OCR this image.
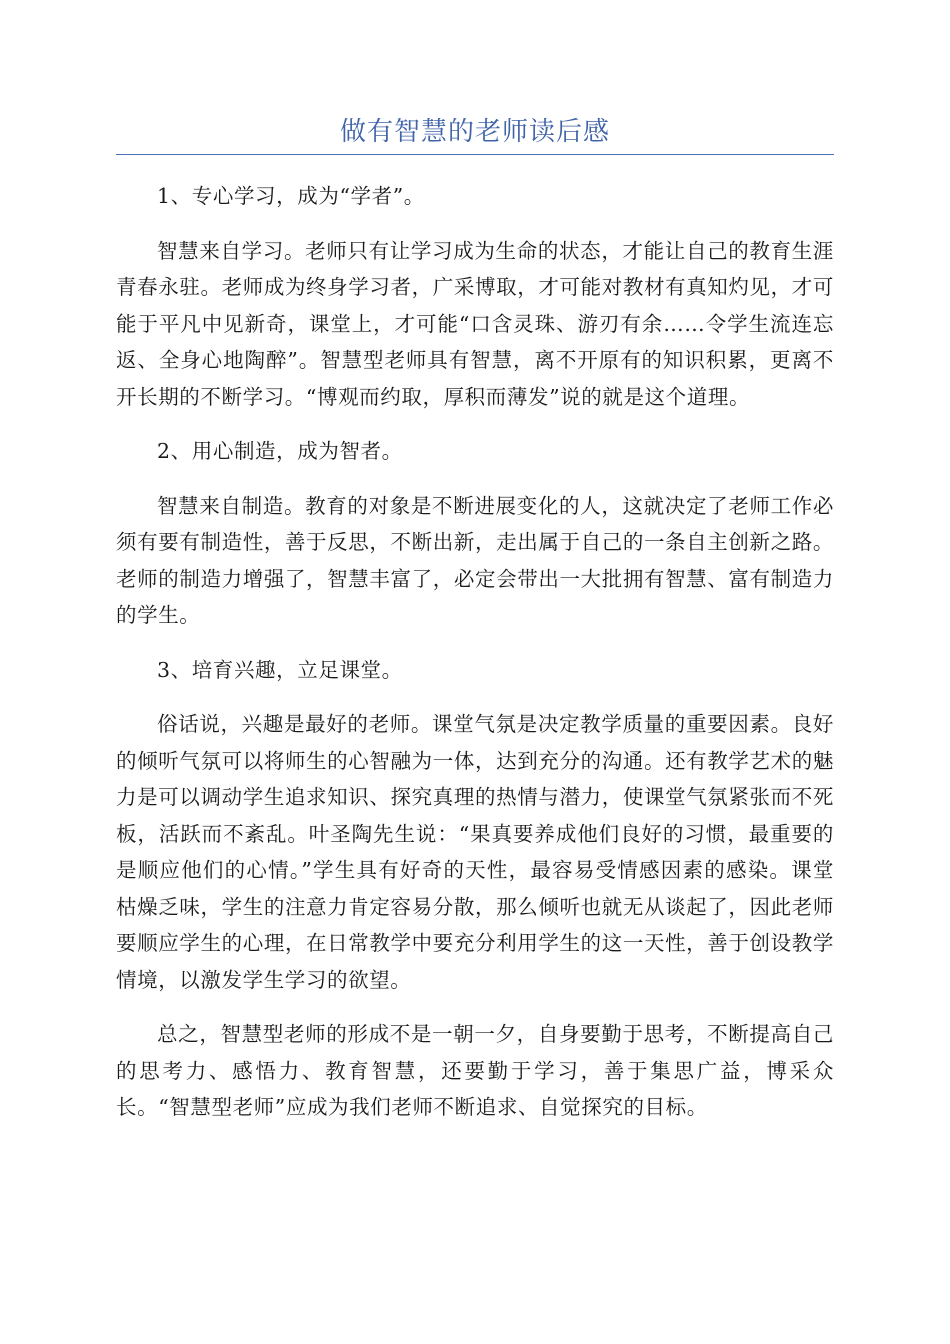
做有智慧的老师读后感

1、专心学习，成为“学者”。

智慧来自学习。老师只有让学习成为生命的状态，才能让自己的教育生涯青春永驻。老师成为终身学习者，广采博取，才可能对教材有真知灼见，才可能于平凡中见新奇，课堂上，才可能“口含灵珠、游刃有余……令学生流连忘返、全身心地陶醉”。智慧型老师具有智慧，离不开原有的知识积累，更离不开长期的不断学习。“博观而约取，厚积而薄发”说的就是这个道理。

2、用心制造，成为智者。

智慧来自制造。教育的对象是不断进展变化的人，这就决定了老师工作必须有要有制造性，善于反思，不断出新，走出属于自己的一条自主创新之路。老师的制造力增强了，智慧丰富了，必定会带出一大批拥有智慧、富有制造力的学生。

3、培育兴趣，立足课堂。

俗话说，兴趣是最好的老师。课堂气氛是决定教学质量的重要因素。良好的倾听气氛可以将师生的心智融为一体，达到充分的沟通。还有教学艺术的魅力是可以调动学生追求知识、探究真理的热情与潜力，使课堂气氛紧张而不死板，活跃而不紊乱。叶圣陶先生说：“果真要养成他们良好的习惯，最重要的是顺应他们的心情。”学生具有好奇的天性，最容易受情感因素的感染。课堂枯燥乏味，学生的注意力肯定容易分散，那么倾听也就无从谈起了，因此老师要顺应学生的心理，在日常教学中要充分利用学生的这一天性，善于创设教学情境，以激发学生学习的欲望。

总之，智慧型老师的形成不是一朝一夕，自身要勤于思考，不断提高自己的思考力、感悟力、教育智慧，还要勤于学习，善于集思广益，博采众长。“智慧型老师”应成为我们老师不断追求、自觉探究的目标。
